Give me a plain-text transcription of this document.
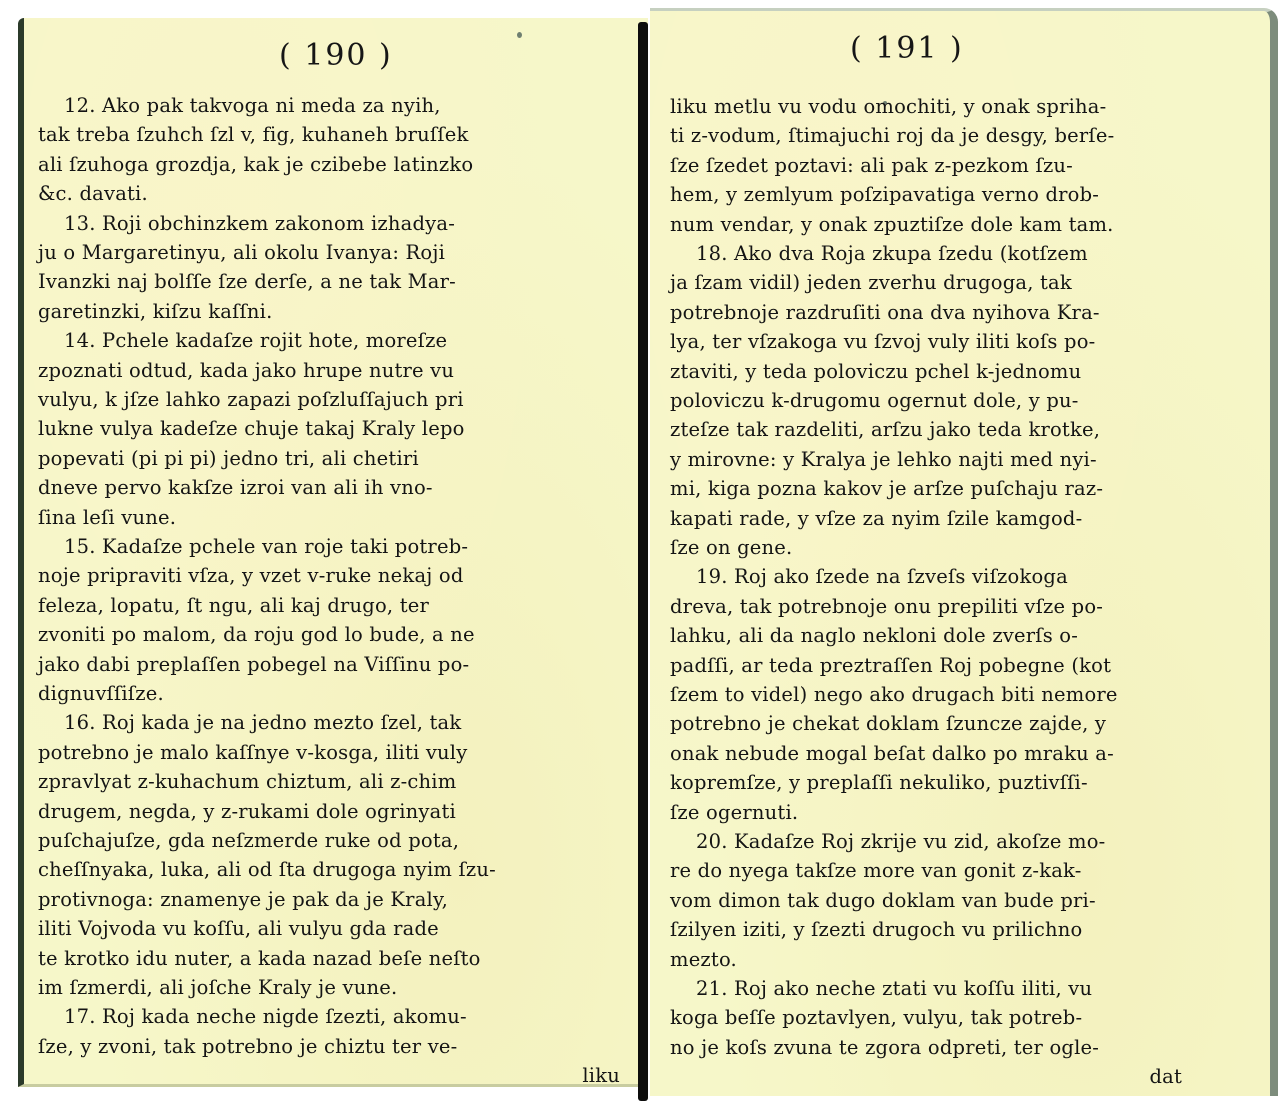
( 190 )
12. Ako pak takvoga ni meda za nyih,
tak treba ſzuhch ſzl v, fig, kuhaneh bruſſek
ali ſzuhoga grozdja, kak je czibebe latinzko
&c. davati.
13. Roji obchinzkem zakonom izhadya-
ju o Margaretinyu, ali okolu Ivanya: Roji
Ivanzki naj bolſſe ſze derſe, a ne tak Mar-
garetinzki, kiſzu kaſſni.
14. Pchele kadaſze rojit hote, moreſze
zpoznati odtud, kada jako hrupe nutre vu
vulyu, k jſze lahko zapazi poſzluſſajuch pri
lukne vulya kadeſze chuje takaj Kraly lepo
popevati (pi pi pi) jedno tri, ali chetiri
dneve pervo kakſze izroi van ali ih vno-
ſina leſi vune.
15. Kadaſze pchele van roje taki potreb-
noje pripraviti vſza, y vzet v-ruke nekaj od
feleza, lopatu, ſt ngu, ali kaj drugo, ter
zvoniti po malom, da roju god lo bude, a ne
jako dabi preplaſſen pobegel na Viſſinu po-
dignuvſſiſze.
16. Roj kada je na jedno mezto ſzel, tak
potrebno je malo kaſſnye v-kosga, iliti vuly
zpravlyat z-kuhachum chiztum, ali z-chim
drugem, negda, y z-rukami dole ogrinyati
puſchajuſze, gda neſzmerde ruke od pota,
cheſſnyaka, luka, ali od ſta drugoga nyim ſzu-
protivnoga: znamenye je pak da je Kraly,
iliti Vojvoda vu koſſu, ali vulyu gda rade
te krotko idu nuter, a kada nazad beſe neſto
im ſzmerdi, ali joſche Kraly je vune.
17. Roj kada neche nigde ſzezti, akomu-
ſze, y zvoni, tak potrebno je chiztu ter ve-
liku
( 191 )
liku metlu vu vodu omochiti, y onak spriha-
ti z-vodum, ſtimajuchi roj da je desgy, berſe-
ſze ſzedet poztavi: ali pak z-pezkom ſzu-
hem, y zemlyum poſzipavatiga verno drob-
num vendar, y onak zpuztiſze dole kam tam.
18. Ako dva Roja zkupa ſzedu (kotſzem
ja ſzam vidil) jeden zverhu drugoga, tak
potrebnoje razdruſiti ona dva nyihova Kra-
lya, ter vſzakoga vu ſzvoj vuly iliti koſs po-
ztaviti, y teda poloviczu pchel k-jednomu
poloviczu k-drugomu ogernut dole, y pu-
zteſze tak razdeliti, arſzu jako teda krotke,
y mirovne: y Kralya je lehko najti med nyi-
mi, kiga pozna kakov je arſze puſchaju raz-
kapati rade, y vſze za nyim ſzile kamgod-
ſze on gene.
19. Roj ako ſzede na ſzveſs viſzokoga
dreva, tak potrebnoje onu prepiliti vſze po-
lahku, ali da naglo nekloni dole zverſs o-
padſſi, ar teda preztraſſen Roj pobegne (kot
ſzem to videl) nego ako drugach biti nemore
potrebno je chekat doklam ſzuncze zajde, y
onak nebude mogal beſat dalko po mraku a-
kopremſze, y preplaſſi nekuliko, puztivſſi-
ſze ogernuti.
20. Kadaſze Roj zkrije vu zid, akoſze mo-
re do nyega takſze more van gonit z-kak-
vom dimon tak dugo doklam van bude pri-
ſzilyen iziti, y ſzezti drugoch vu prilichno
mezto.
21. Roj ako neche ztati vu koſſu iliti, vu
koga beſſe poztavlyen, vulyu, tak potreb-
no je koſs zvuna te zgora odpreti, ter ogle-
dat
